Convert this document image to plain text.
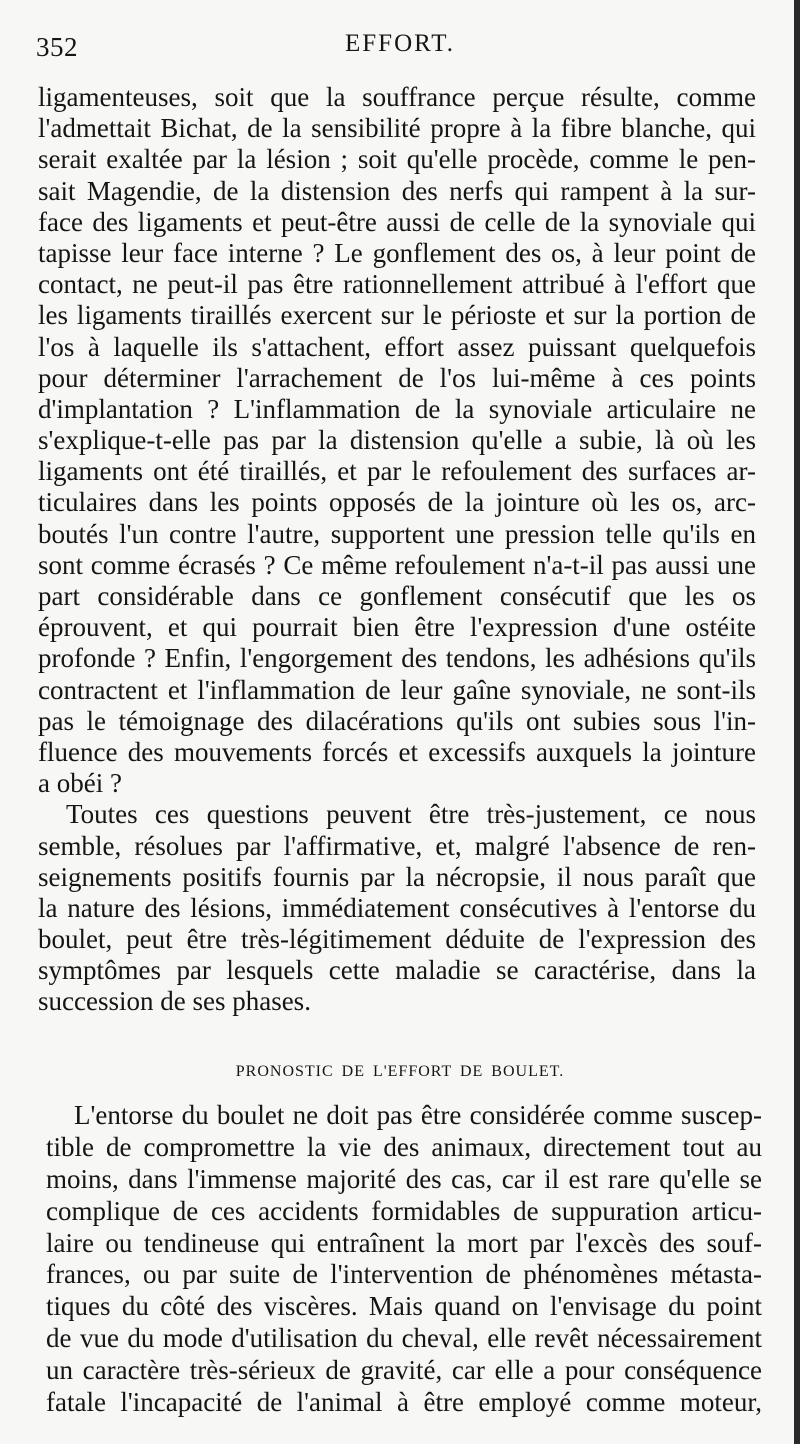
352	EFFORT.
ligamenteuses, soit que la souffrance perçue résulte, comme
l'admettait Bichat, de la sensibilité propre à la fibre blanche, qui
serait exaltée par la lésion ; soit qu'elle procède, comme le pen-
sait Magendie, de la distension des nerfs qui rampent à la sur-
face des ligaments et peut-être aussi de celle de la synoviale qui
tapisse leur face interne ? Le gonflement des os, à leur point de
contact, ne peut-il pas être rationnellement attribué à l'effort que
les ligaments tiraillés exercent sur le périoste et sur la portion de
l'os à laquelle ils s'attachent, effort assez puissant quelquefois
pour déterminer l'arrachement de l'os lui-même à ces points
d'implantation ? L'inflammation de la synoviale articulaire ne
s'explique-t-elle pas par la distension qu'elle a subie, là où les
ligaments ont été tiraillés, et par le refoulement des surfaces ar-
ticulaires dans les points opposés de la jointure où les os, arc-
boutés l'un contre l'autre, supportent une pression telle qu'ils en
sont comme écrasés ? Ce même refoulement n'a-t-il pas aussi une
part considérable dans ce gonflement consécutif que les os
éprouvent, et qui pourrait bien être l'expression d'une ostéite
profonde ? Enfin, l'engorgement des tendons, les adhésions qu'ils
contractent et l'inflammation de leur gaîne synoviale, ne sont-ils
pas le témoignage des dilacérations qu'ils ont subies sous l'in-
fluence des mouvements forcés et excessifs auxquels la jointure
a obéi ?
Toutes ces questions peuvent être très-justement, ce nous
semble, résolues par l'affirmative, et, malgré l'absence de ren-
seignements positifs fournis par la nécropsie, il nous paraît que
la nature des lésions, immédiatement consécutives à l'entorse du
boulet, peut être très-légitimement déduite de l'expression des
symptômes par lesquels cette maladie se caractérise, dans la
succession de ses phases.
PRONOSTIC DE L'EFFORT DE BOULET.
L'entorse du boulet ne doit pas être considérée comme suscep-
tible de compromettre la vie des animaux, directement tout au
moins, dans l'immense majorité des cas, car il est rare qu'elle se
complique de ces accidents formidables de suppuration articu-
laire ou tendineuse qui entraînent la mort par l'excès des souf-
frances, ou par suite de l'intervention de phénomènes métasta-
tiques du côté des viscères. Mais quand on l'envisage du point
de vue du mode d'utilisation du cheval, elle revêt nécessairement
un caractère très-sérieux de gravité, car elle a pour conséquence
fatale l'incapacité de l'animal à être employé comme moteur,
